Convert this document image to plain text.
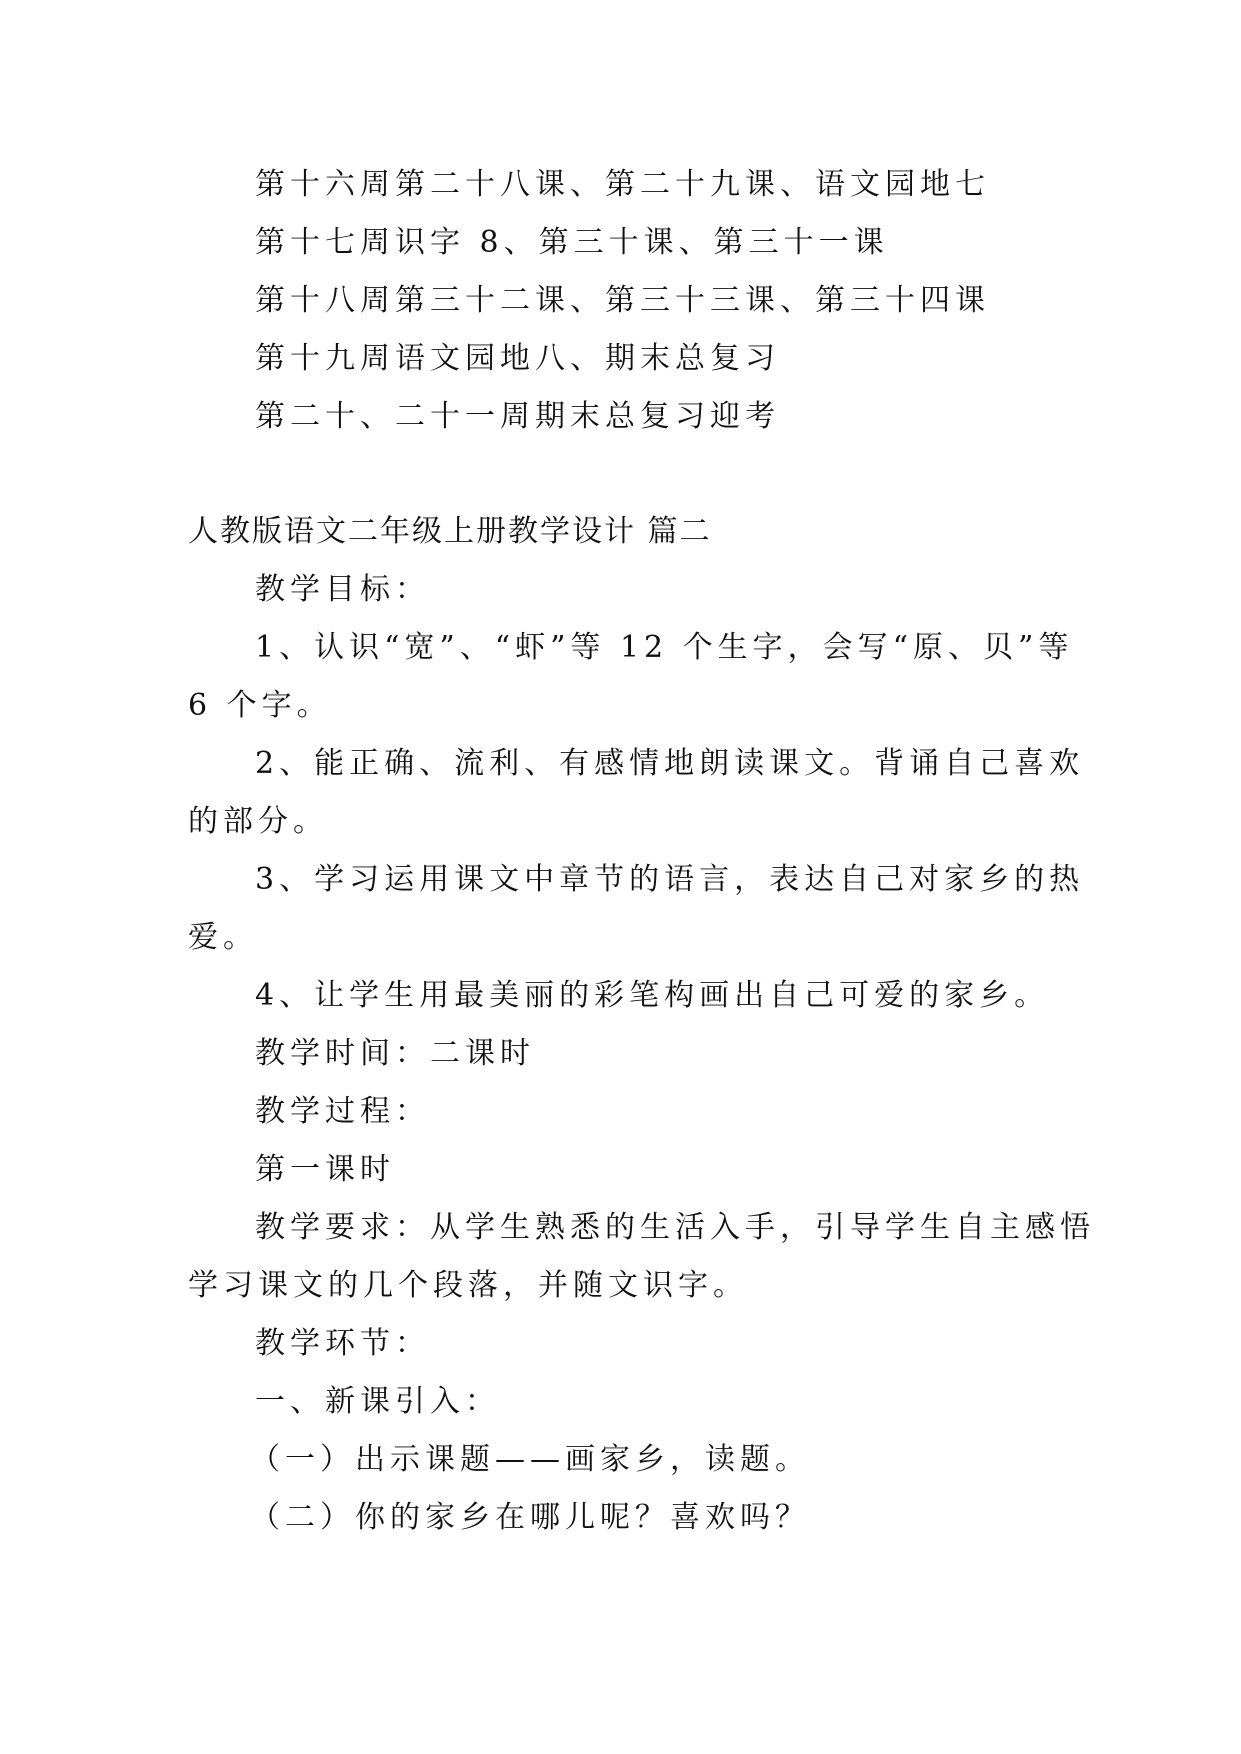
第十六周第二十八课、第二十九课、语文园地七
第十七周识字 8、第三十课、第三十一课
第十八周第三十二课、第三十三课、第三十四课
第十九周语文园地八、期末总复习
第二十、二十一周期末总复习迎考
人教版语文二年级上册教学设计 篇二
教学目标：
1、认识“宽”、“虾”等 12 个生字，会写“原、贝”等
6 个字。
2、能正确、流利、有感情地朗读课文。背诵自己喜欢
的部分。
3、学习运用课文中章节的语言，表达自己对家乡的热
爱。
4、让学生用最美丽的彩笔构画出自己可爱的家乡。
教学时间：二课时
教学过程：
第一课时
教学要求：从学生熟悉的生活入手，引导学生自主感悟
学习课文的几个段落，并随文识字。
教学环节：
一、新课引入：
（一）出示课题——画家乡，读题。
（二）你的家乡在哪儿呢？喜欢吗？
